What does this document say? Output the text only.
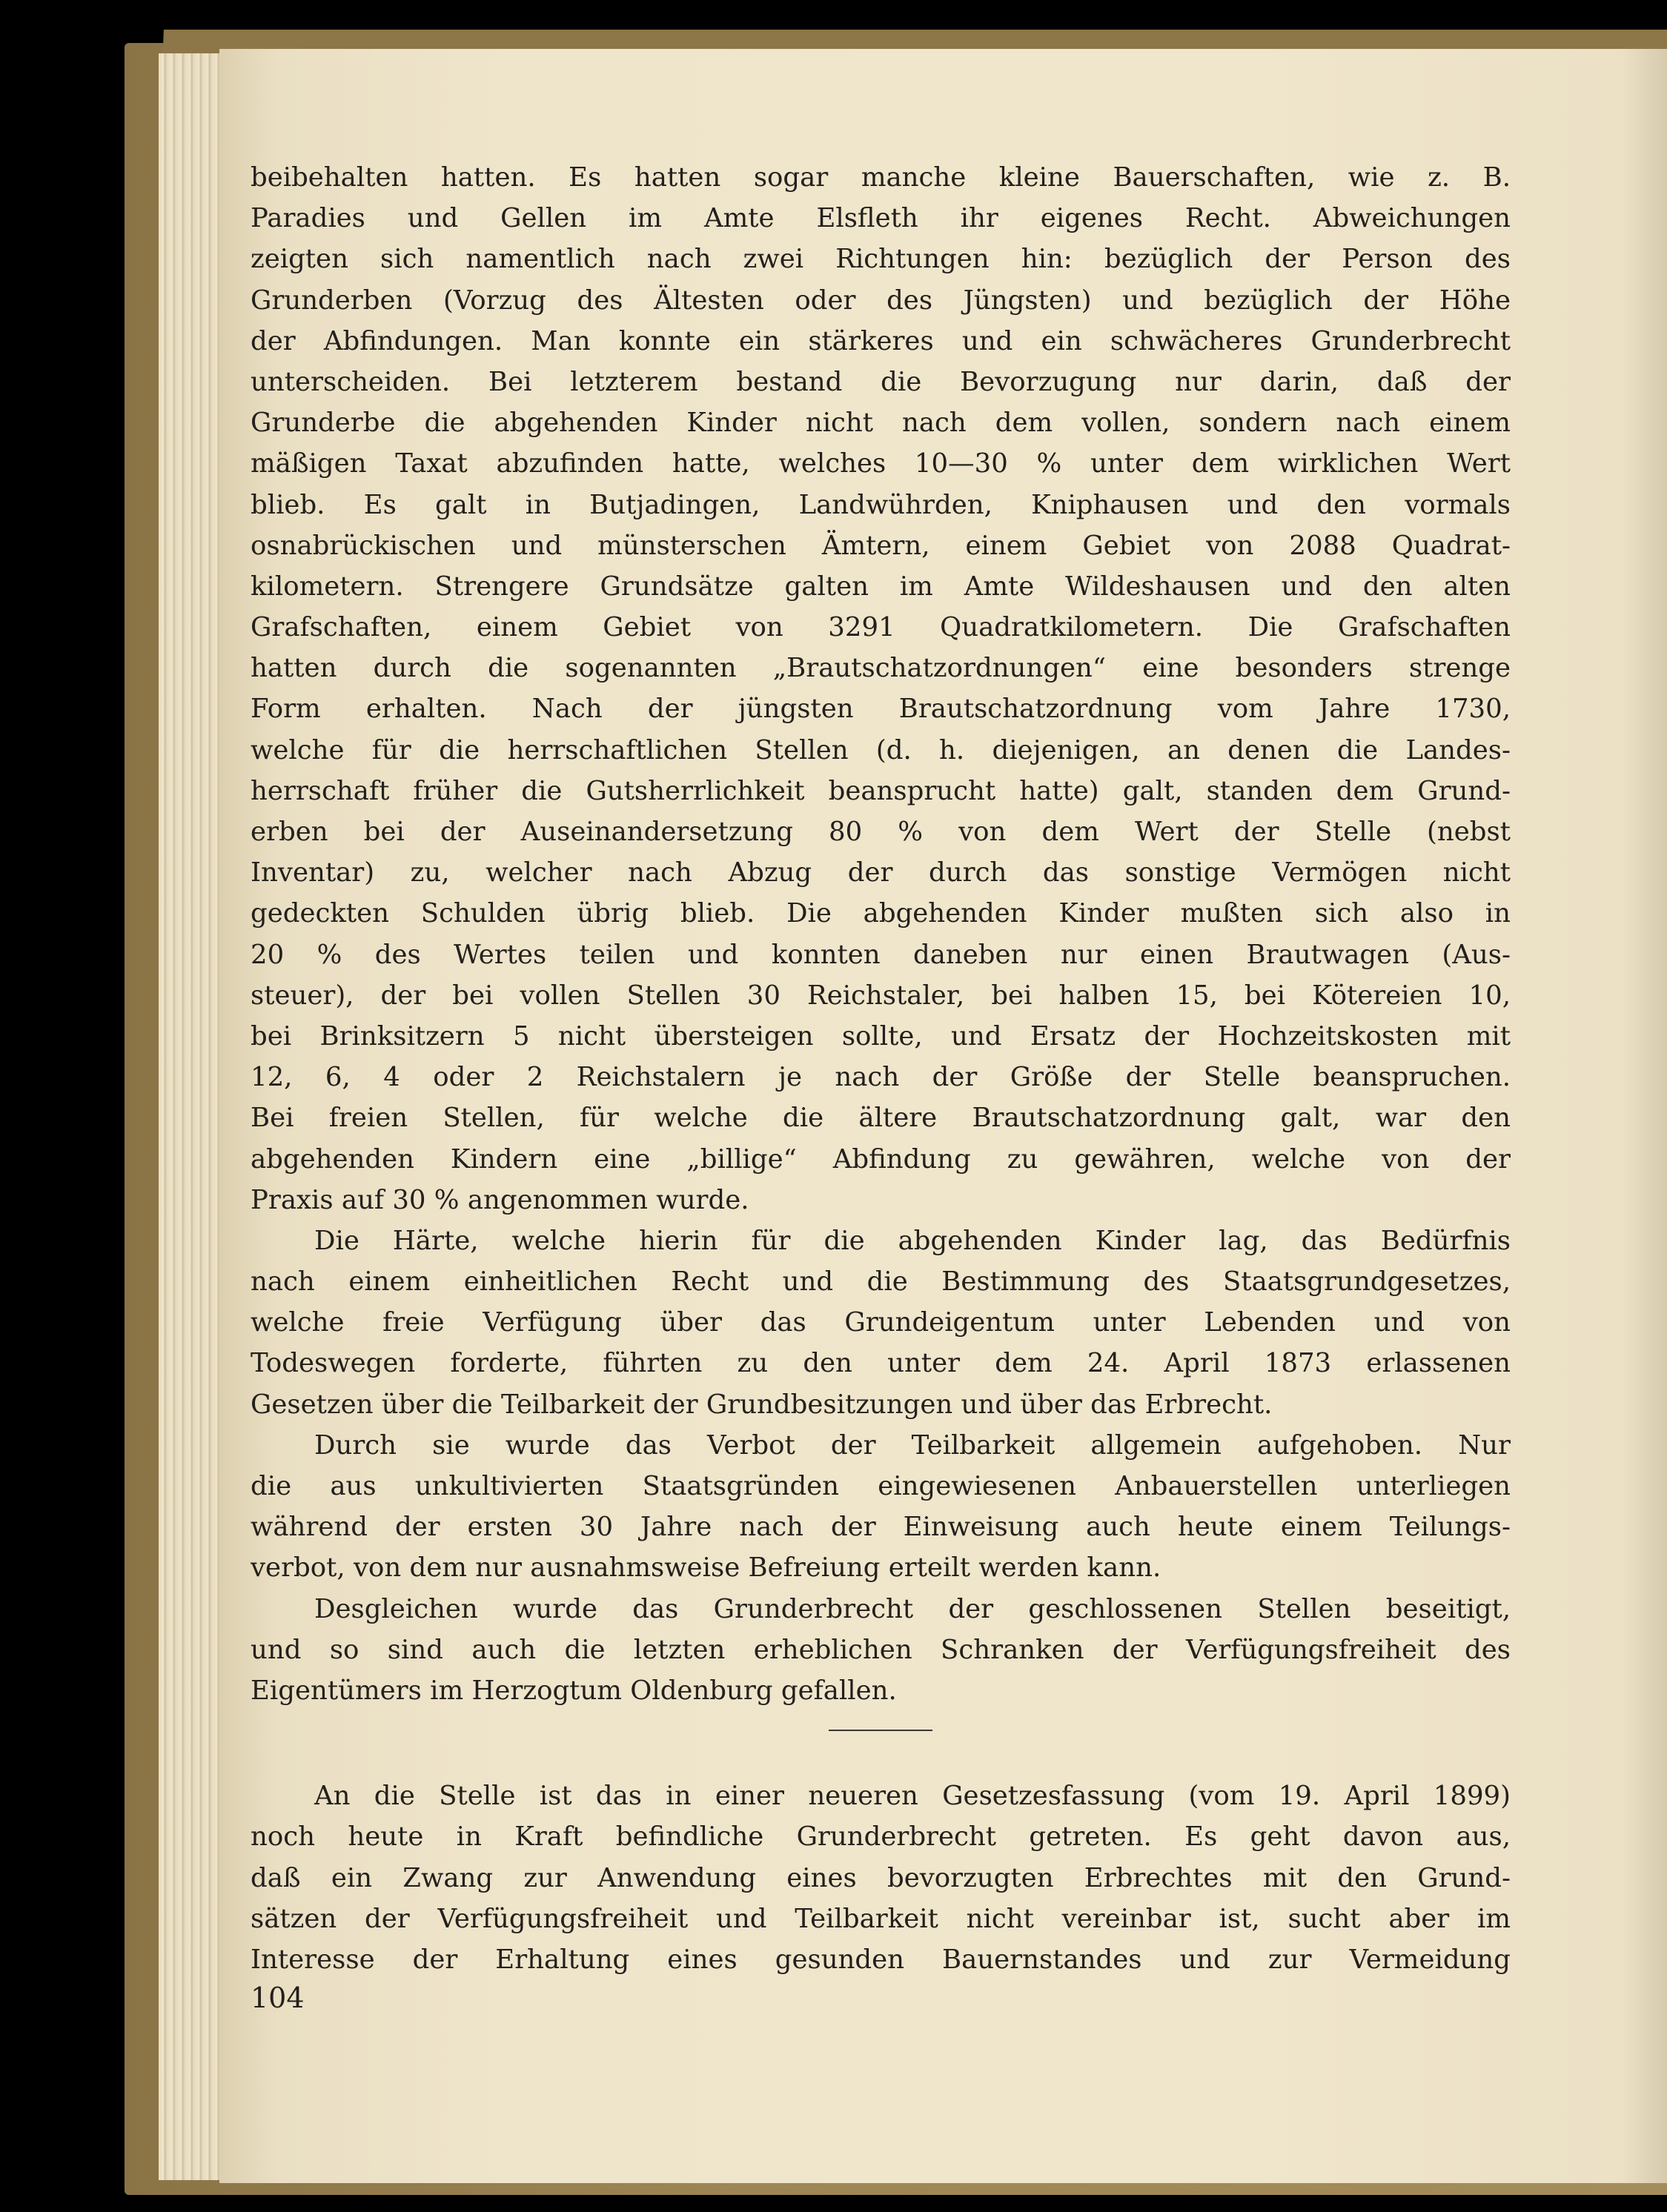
beibehalten hatten. Es hatten sogar manche kleine Bauerschaften, wie z. B.
Paradies und Gellen im Amte Elsfleth ihr eigenes Recht. Abweichungen
zeigten sich namentlich nach zwei Richtungen hin: bezüglich der Person des
Grunderben (Vorzug des Ältesten oder des Jüngsten) und bezüglich der Höhe
der Abfindungen. Man konnte ein stärkeres und ein schwächeres Grunderbrecht
unterscheiden. Bei letzterem bestand die Bevorzugung nur darin, daß der
Grunderbe die abgehenden Kinder nicht nach dem vollen, sondern nach einem
mäßigen Taxat abzufinden hatte, welches 10—30 % unter dem wirklichen Wert
blieb. Es galt in Butjadingen, Landwührden, Kniphausen und den vormals
osnabrückischen und münsterschen Ämtern, einem Gebiet von 2088 Quadrat-
kilometern. Strengere Grundsätze galten im Amte Wildeshausen und den alten
Grafschaften, einem Gebiet von 3291 Quadratkilometern. Die Grafschaften
hatten durch die sogenannten „Brautschatzordnungen“ eine besonders strenge
Form erhalten. Nach der jüngsten Brautschatzordnung vom Jahre 1730,
welche für die herrschaftlichen Stellen (d. h. diejenigen, an denen die Landes-
herrschaft früher die Gutsherrlichkeit beansprucht hatte) galt, standen dem Grund-
erben bei der Auseinandersetzung 80 % von dem Wert der Stelle (nebst
Inventar) zu, welcher nach Abzug der durch das sonstige Vermögen nicht
gedeckten Schulden übrig blieb. Die abgehenden Kinder mußten sich also in
20 % des Wertes teilen und konnten daneben nur einen Brautwagen (Aus-
steuer), der bei vollen Stellen 30 Reichstaler, bei halben 15, bei Kötereien 10,
bei Brinksitzern 5 nicht übersteigen sollte, und Ersatz der Hochzeitskosten mit
12, 6, 4 oder 2 Reichstalern je nach der Größe der Stelle beanspruchen.
Bei freien Stellen, für welche die ältere Brautschatzordnung galt, war den
abgehenden Kindern eine „billige“ Abfindung zu gewähren, welche von der
Praxis auf 30 % angenommen wurde.
Die Härte, welche hierin für die abgehenden Kinder lag, das Bedürfnis
nach einem einheitlichen Recht und die Bestimmung des Staatsgrundgesetzes,
welche freie Verfügung über das Grundeigentum unter Lebenden und von
Todeswegen forderte, führten zu den unter dem 24. April 1873 erlassenen
Gesetzen über die Teilbarkeit der Grundbesitzungen und über das Erbrecht.
Durch sie wurde das Verbot der Teilbarkeit allgemein aufgehoben. Nur
die aus unkultivierten Staatsgründen eingewiesenen Anbauerstellen unterliegen
während der ersten 30 Jahre nach der Einweisung auch heute einem Teilungs-
verbot, von dem nur ausnahmsweise Befreiung erteilt werden kann.
Desgleichen wurde das Grunderbrecht der geschlossenen Stellen beseitigt,
und so sind auch die letzten erheblichen Schranken der Verfügungsfreiheit des
Eigentümers im Herzogtum Oldenburg gefallen.
An die Stelle ist das in einer neueren Gesetzesfassung (vom 19. April 1899)
noch heute in Kraft befindliche Grunderbrecht getreten. Es geht davon aus,
daß ein Zwang zur Anwendung eines bevorzugten Erbrechtes mit den Grund-
sätzen der Verfügungsfreiheit und Teilbarkeit nicht vereinbar ist, sucht aber im
Interesse der Erhaltung eines gesunden Bauernstandes und zur Vermeidung
104
